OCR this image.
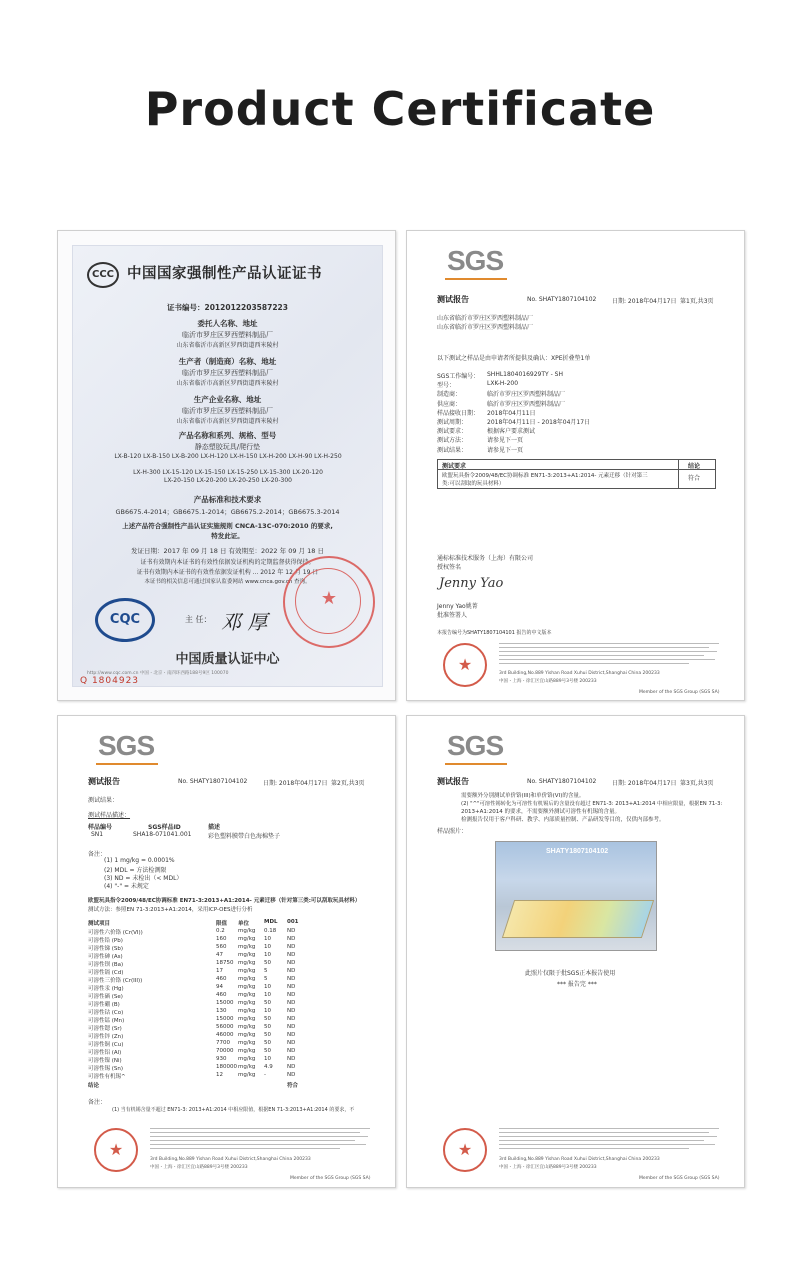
Product Certificate
CCC 中国国家强制性产品认证证书
证书编号：2012012203587223
委托人名称、地址
临沂市罗庄区罗西塑料制品厂
山东省临沂市高新区罗西街道西米陵村
生产者（制造商）名称、地址
临沂市罗庄区罗西塑料制品厂
山东省临沂市高新区罗西街道西米陵村
生产企业名称、地址
临沂市罗庄区罗西塑料制品厂
山东省临沂市高新区罗西街道西米陵村
产品名称和系列、规格、型号
静态塑胶玩具/爬行垫
LX-B-120 LX-B-150 LX-B-200 LX-H-120 LX-H-150 LX-H-200 LX-H-90 LX-H-250
LX-H-300 LX-15-120 LX-15-150 LX-15-250 LX-15-300 LX-20-120
LX-20-150 LX-20-200 LX-20-250 LX-20-300
产品标准和技术要求
GB6675.4-2014；GB6675.1-2014；GB6675.2-2014；GB6675.3-2014
上述产品符合强制性产品认证实施规则 CNCA-13C-070:2010 的要求,
特发此证。
发证日期：2017 年 09 月 18 日 有效期至：2022 年 09 月 18 日
证书有效期内本证书的有效性依据发证机构的定期监督获得保持。
证书有效期内本证书的有效性依据发证机构 ... 2012 年 12 月 19 日
本证书的相关信息可通过国家认监委网站 www.cnca.gov.cn 查询。
★
CQC	主 任： 邓 厚
中国质量认证中心
http://www.cqc.com.cn 中国・北京・南四环西路188号9区 100070
Q 1804923
SGS
测试报告	No. SHATY1807104102	日期: 2018年04月17日 第1页,共3页
山东省临沂市罗庄区罗西塑料制品厂
山东省临沂市罗庄区罗西塑料制品厂
以下测试之样品是由申请者所提供及确认：XPE折叠垫1单
测试要求	结论
欧盟玩具指令2009/48/EC协调标准 EN71-3:2013+A1:2014- 元素迁移（针对第三
类:可以刮取的玩具材料）
符合
通标标准技术服务（上海）有限公司
授权签名
Jenny Yao
Jenny Yao姚菁
批准签署人
本报告编号为SHATY1807104101 报告的中文版本
★	3rd Building,No.889 Yishan Road Xuhui District,Shanghai China 200233
中国・上海・徐汇区宜山路889号3号楼 200233
Member of the SGS Group (SGS SA)
SGS工作编号： SHHL1804016929TY - SH
型号：	LXK-H-200
制造商：	临沂市罗庄区罗西塑料制品厂
供应商：	临沂市罗庄区罗西塑料制品厂
样品接收日期： 2018年04月11日
测试周期：	2018年04月11日 - 2018年04月17日
测试要求：	根据客户要求测试
测试方法：	请参见下一页
测试结果：	请参见下一页
SGS
测试报告	No. SHATY1807104102	日期: 2018年04月17日 第2页,共3页
测试结果：
测试样品描述：
样品编号	SGS样品ID	描述
SN1	SHA18-071041.001	彩色塑料膜带白色海棉垫子
备注：
(1) 1 mg/kg = 0.0001%
(2) MDL = 方法检测限
(3) ND = 未检出（< MDL）
(4) "-" = 未规定
欧盟玩具指令2009/48/EC协调标准 EN71-3:2013+A1:2014- 元素迁移（针对第三类:可以刮取玩具材料）
测试方法：参照EN 71-3:2013+A1:2014，采用ICP-OES进行分析
测试项目	限值 单位	MDL 001
结论	符合
备注：
(1) 当有机锡含量不超过 EN71-3: 2013+A1:2014 中相应限值，根据EN 71-3:2013+A1:2014 的要求，不
★
3rd Building,No.889 Yishan Road Xuhui District,Shanghai China 200233
中国・上海・徐汇区宜山路889号3号楼 200233
Member of the SGS Group (SGS SA)
可溶性六价铬 (Cr(VI))	0.2 mg/kg 0.18 ND
可溶性铅 (Pb)	160 mg/kg 10	ND
可溶性锑 (Sb)	560 mg/kg 10	ND
可溶性砷 (As)	47	mg/kg 10	ND
可溶性钡 (Ba)	18750 mg/kg 50	ND
可溶性镉 (Cd)	17	mg/kg 5	ND
可溶性三价铬 (Cr(III))	460 mg/kg 5	ND
可溶性汞 (Hg)	94	mg/kg 10	ND
可溶性硒 (Se)	460 mg/kg 10	ND
可溶性硼 (B)	15000 mg/kg 50	ND
可溶性钴 (Co)	130 mg/kg 10	ND
可溶性锰 (Mn)	15000 mg/kg 50	ND
可溶性锶 (Sr)	56000 mg/kg 50	ND
可溶性锌 (Zn)	46000 mg/kg 50	ND
可溶性铜 (Cu)	7700 mg/kg 50	ND
可溶性铝 (Al)	70000 mg/kg 50	ND
可溶性镍 (Ni)	930 mg/kg 10	ND
可溶性锡 (Sn)	180000 mg/kg 4.9	ND
可溶性有机锡^	12	mg/kg -	ND
SGS
测试报告	No. SHATY1807104102	日期: 2018年04月17日 第3页,共3页
需要额外分别测试单价铬(III)和单价铬(VI)的含量。
(2) "^"可溶性锡转化为可溶性有机锡后的含量没有超过 EN71-3: 2013+A1:2014 中相应限量，根据EN 71-3:
2013+A1:2014 的要求，不需要额外测试可溶性有机锡的含量。
检测报告仅用于客户科研、教学、内部质量控制、产品研发等目的，仅供内部参考。
样品照片：
SHATY1807104102
此照片仅限于批SGS正本报告使用
*** 报告完 ***
★
3rd Building,No.889 Yishan Road Xuhui District,Shanghai China 200233
中国・上海・徐汇区宜山路889号3号楼 200233
Member of the SGS Group (SGS SA)
